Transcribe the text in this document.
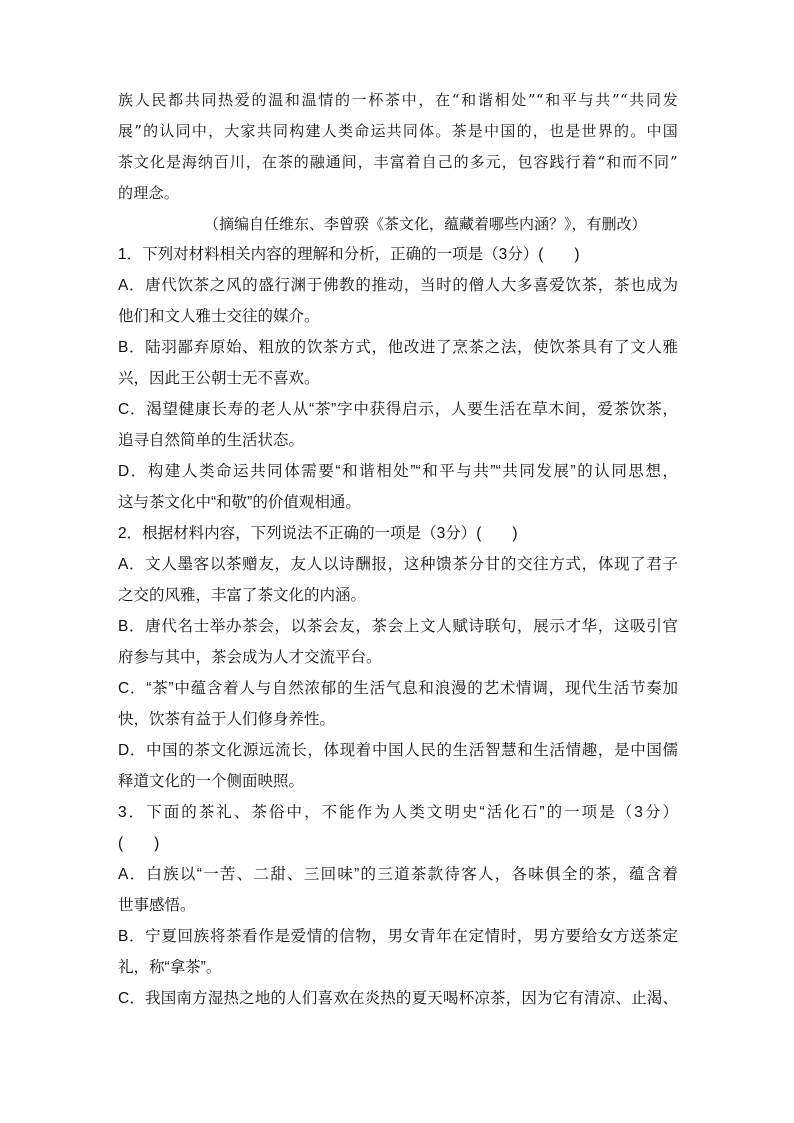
族人民都共同热爱的温和温情的一杯茶中，在“和谐相处”“和平与共”“共同发
展”的认同中，大家共同构建人类命运共同体。茶是中国的，也是世界的。中国
茶文化是海纳百川，在茶的融通间，丰富着自己的多元，包容践行着“和而不同”
的理念。
（摘编自任维东、李曾骙《茶文化，蕴藏着哪些内涵？》，有删改）
1．下列对材料相关内容的理解和分析，正确的一项是（3分）(　　)
A．唐代饮茶之风的盛行渊于佛教的推动，当时的僧人大多喜爱饮茶，茶也成为
他们和文人雅士交往的媒介。
B．陆羽鄙弃原始、粗放的饮茶方式，他改进了烹茶之法，使饮茶具有了文人雅
兴，因此王公朝士无不喜欢。
C．渴望健康长寿的老人从“茶”字中获得启示，人要生活在草木间，爱茶饮茶，
追寻自然简单的生活状态。
D．构建人类命运共同体需要“和谐相处”“和平与共”“共同发展”的认同思想，
这与茶文化中“和敬”的价值观相通。
2．根据材料内容，下列说法不正确的一项是（3分）(　　)
A．文人墨客以茶赠友，友人以诗酬报，这种馈茶分甘的交往方式，体现了君子
之交的风雅，丰富了茶文化的内涵。
B．唐代名士举办茶会，以茶会友，茶会上文人赋诗联句，展示才华，这吸引官
府参与其中，茶会成为人才交流平台。
C．“茶”中蕴含着人与自然浓郁的生活气息和浪漫的艺术情调，现代生活节奏加
快，饮茶有益于人们修身养性。
D．中国的茶文化源远流长，体现着中国人民的生活智慧和生活情趣，是中国儒
释道文化的一个侧面映照。
3．下面的茶礼、茶俗中，不能作为人类文明史“活化石”的一项是（3分）
(　　)
A．白族以“一苦、二甜、三回味”的三道茶款待客人，各味俱全的茶，蕴含着
世事感悟。
B．宁夏回族将茶看作是爱情的信物，男女青年在定情时，男方要给女方送茶定
礼，称“拿茶”。
C．我国南方湿热之地的人们喜欢在炎热的夏天喝杯凉茶，因为它有清凉、止渴、
